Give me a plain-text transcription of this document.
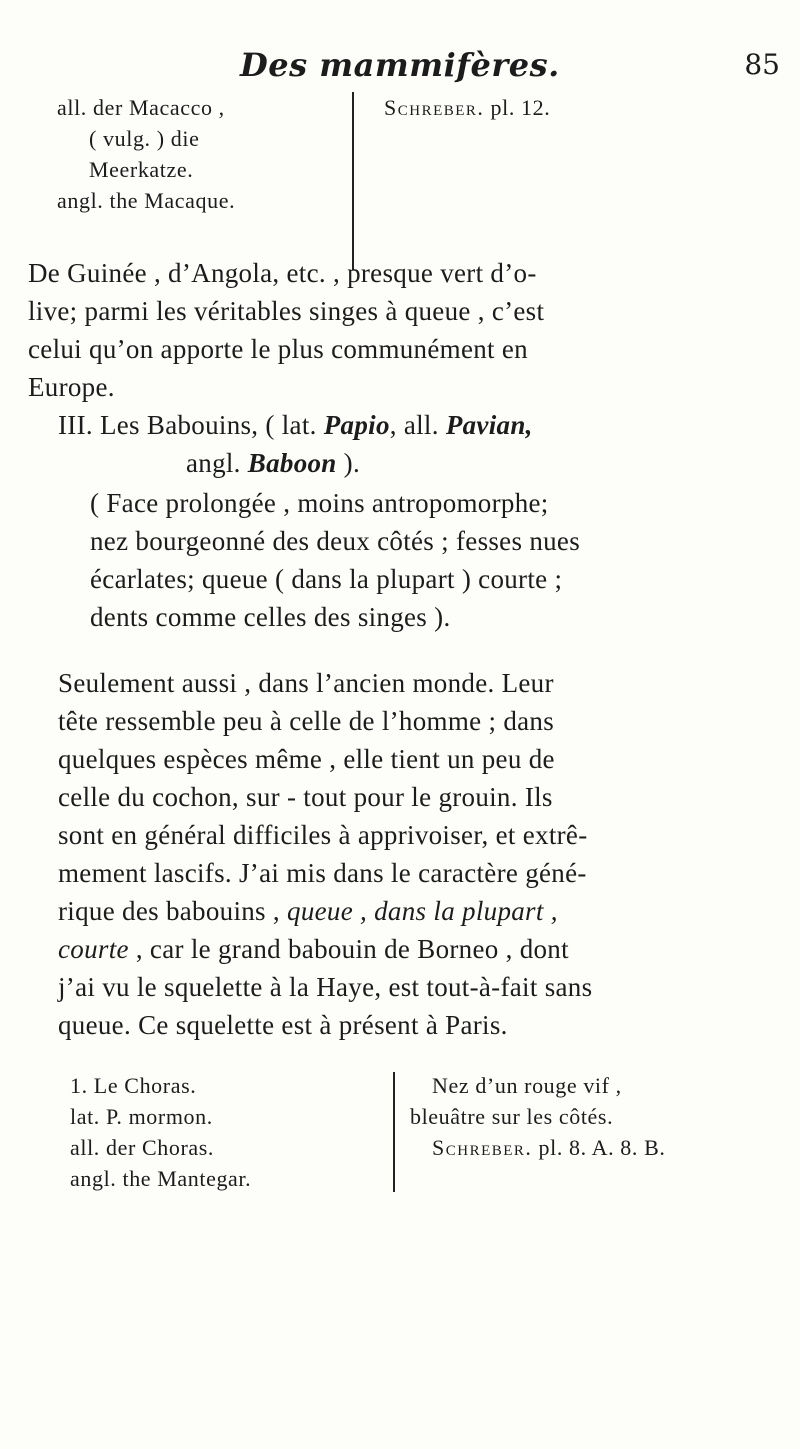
Des mammifères.	85
all. der Macacco ,
( vulg. ) die
Meerkatze.
angl. the Macaque.
Schreber. pl. 12.
De Guinée , d’Angola, etc. , presque vert d’o-
live; parmi les véritables singes à queue , c’est
celui qu’on apporte le plus communément en
Europe.
III. Les Babouins, ( lat. Papio, all. Pavian,
angl. Baboon ).
( Face prolongée , moins antropomorphe;
nez bourgeonné des deux côtés ; fesses nues
écarlates; queue ( dans la plupart ) courte ;
dents comme celles des singes ).
Seulement aussi , dans l’ancien monde. Leur
tête ressemble peu à celle de l’homme ; dans
quelques espèces même , elle tient un peu de
celle du cochon, sur - tout pour le grouin. Ils
sont en général difficiles à apprivoiser, et extrê-
mement lascifs. J’ai mis dans le caractère géné-
rique des babouins , queue , dans la plupart ,
courte , car le grand babouin de Borneo , dont
j’ai vu le squelette à la Haye, est tout-à-fait sans
queue. Ce squelette est à présent à Paris.
1. Le Choras.
lat. P. mormon.
all. der Choras.
angl. the Mantegar.
Nez d’un rouge vif ,
bleuâtre sur les côtés.
Schreber. pl. 8. A. 8. B.
